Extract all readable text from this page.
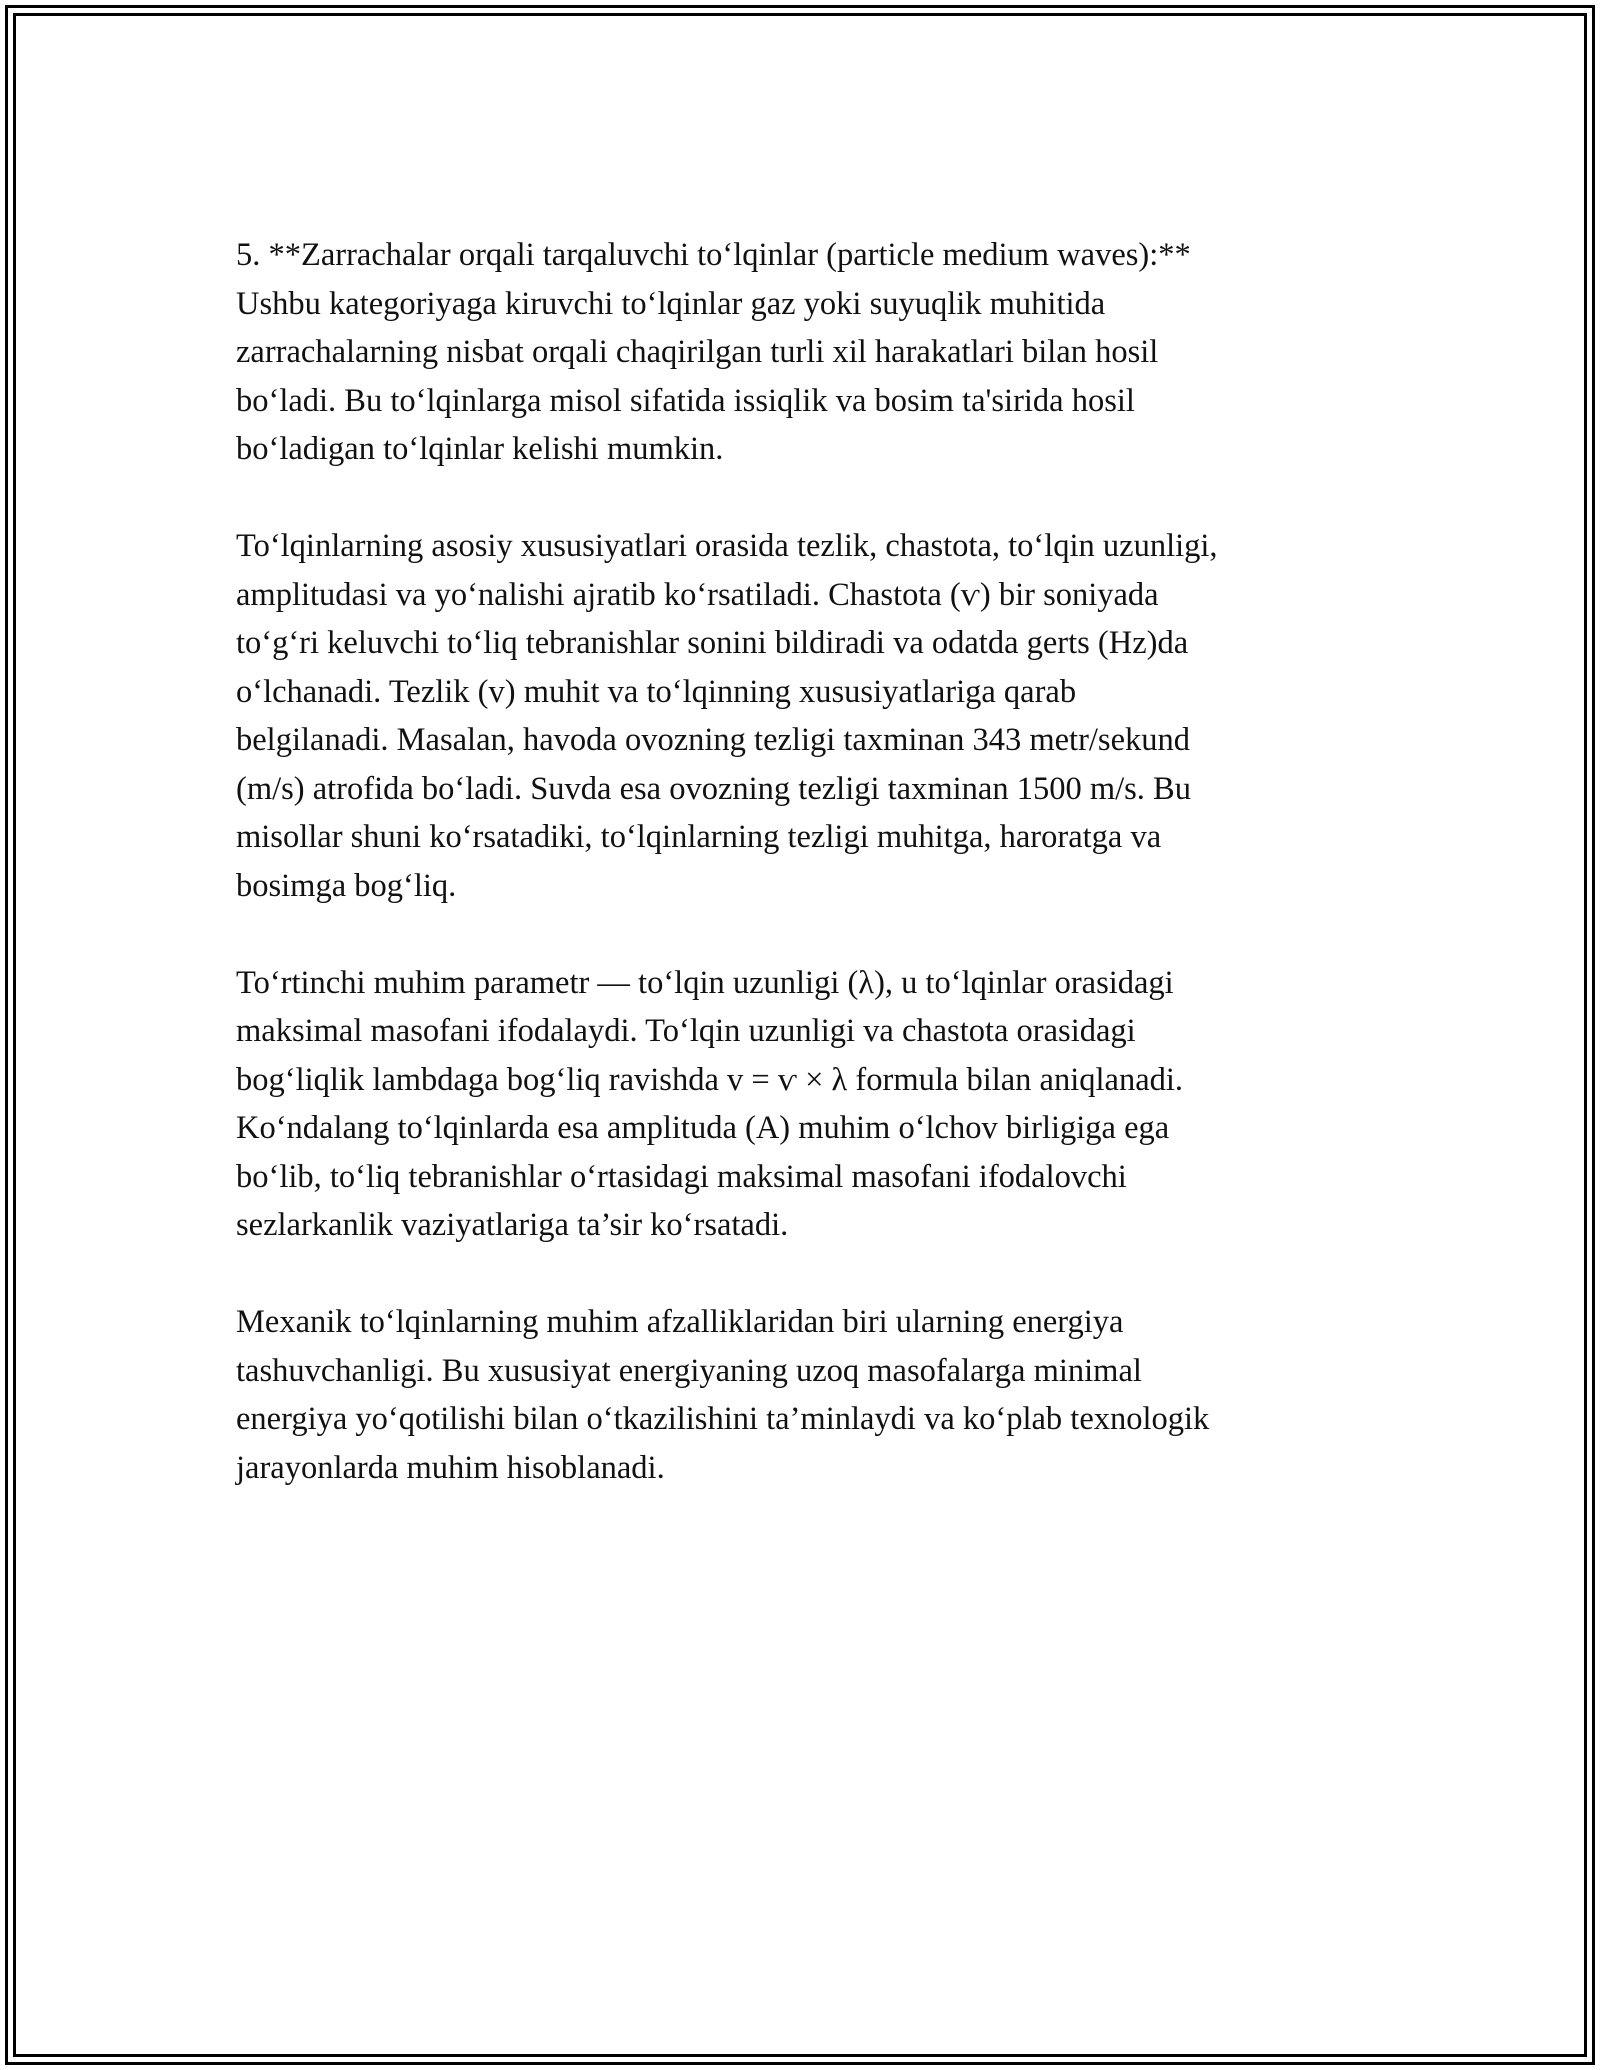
5. **Zarrachalar orqali tarqaluvchi to‘lqinlar (particle medium waves):**
Ushbu kategoriyaga kiruvchi to‘lqinlar gaz yoki suyuqlik muhitida
zarrachalarning nisbat orqali chaqirilgan turli xil harakatlari bilan hosil
bo‘ladi. Bu to‘lqinlarga misol sifatida issiqlik va bosim ta'sirida hosil
bo‘ladigan to‘lqinlar kelishi mumkin.

To‘lqinlarning asosiy xususiyatlari orasida tezlik, chastota, to‘lqin uzunligi,
amplitudasi va yo‘nalishi ajratib ko‘rsatiladi. Chastota (ѵ) bir soniyada
to‘g‘ri keluvchi to‘liq tebranishlar sonini bildiradi va odatda gerts (Hz)da
o‘lchanadi. Tezlik (v) muhit va to‘lqinning xususiyatlariga qarab
belgilanadi. Masalan, havoda ovozning tezligi taxminan 343 metr/sekund
(m/s) atrofida bo‘ladi. Suvda esa ovozning tezligi taxminan 1500 m/s. Bu
misollar shuni ko‘rsatadiki, to‘lqinlarning tezligi muhitga, haroratga va
bosimga bog‘liq.

To‘rtinchi muhim parametr — to‘lqin uzunligi (λ), u to‘lqinlar orasidagi
maksimal masofani ifodalaydi. To‘lqin uzunligi va chastota orasidagi
bog‘liqlik lambdaga bog‘liq ravishda v = ѵ × λ formula bilan aniqlanadi.
Ko‘ndalang to‘lqinlarda esa amplituda (A) muhim o‘lchov birligiga ega
bo‘lib, to‘liq tebranishlar o‘rtasidagi maksimal masofani ifodalovchi
sezlarkanlik vaziyatlariga ta’sir ko‘rsatadi.

Mexanik to‘lqinlarning muhim afzalliklaridan biri ularning energiya
tashuvchanligi. Bu xususiyat energiyaning uzoq masofalarga minimal
energiya yo‘qotilishi bilan o‘tkazilishini ta’minlaydi va ko‘plab texnologik
jarayonlarda muhim hisoblanadi.
